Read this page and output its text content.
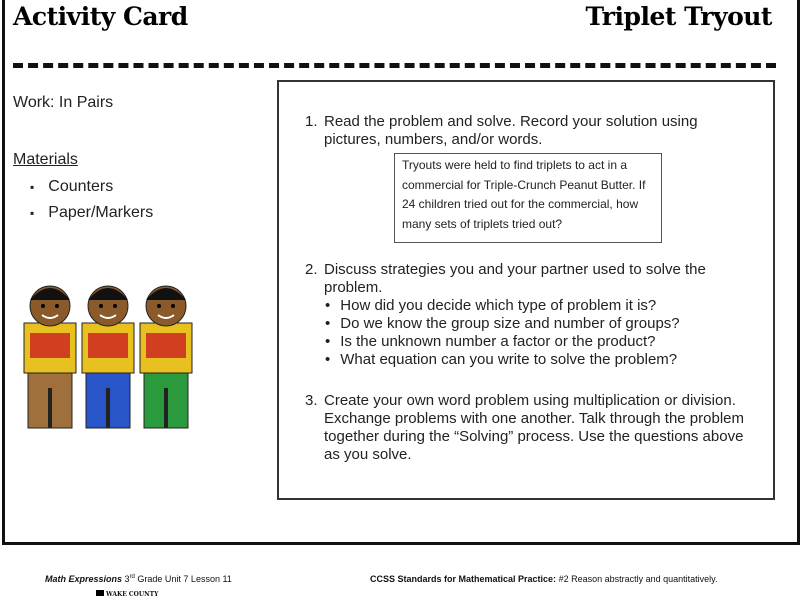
Activity Card	Triplet Tryout
Work: In Pairs
Materials
▪ Counters
▪ Paper/Markers
1. Read the problem and solve. Record your solution using pictures, numbers, and/or words.
Tryouts were held to find triplets to act in a commercial for Triple-Crunch Peanut Butter. If 24 children tried out for the commercial, how many sets of triplets tried out?
2. Discuss strategies you and your partner used to solve the problem.
• How did you decide which type of problem it is?
• Do we know the group size and number of groups?
• Is the unknown number a factor or the product?
• What equation can you write to solve the problem?
3. Create your own word problem using multiplication or division. Exchange problems with one another. Talk through the problem together during the “Solving” process. Use the questions above as you solve.
Math Expressions 3rd Grade Unit 7 Lesson 11
WAKE COUNTY
CCSS Standards for Mathematical Practice: #2 Reason abstractly and quantitatively.
